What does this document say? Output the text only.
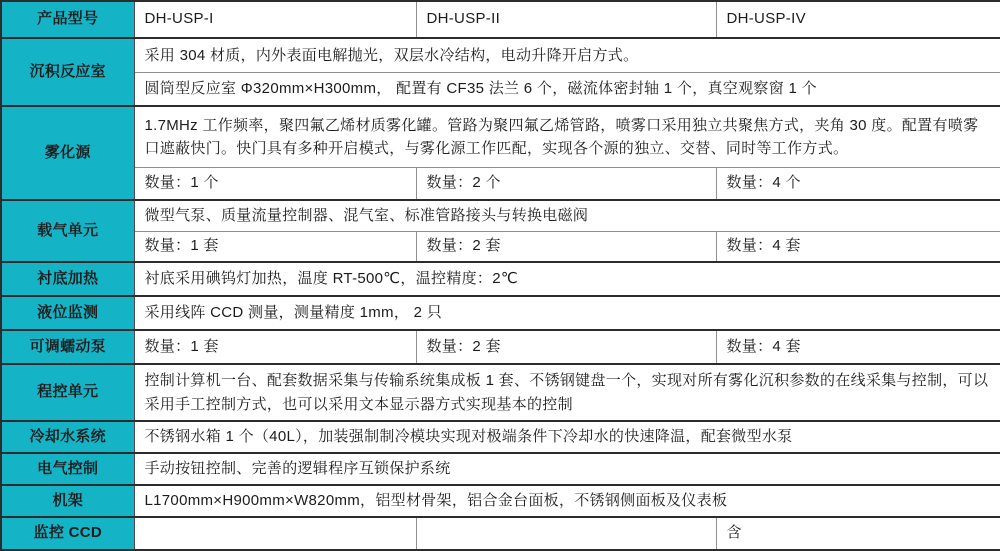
产品型号	DH-USP-I	DH-USP-II	DH-USP-IV
沉积反应室	采用 304 材质，内外表面电解抛光，双层水冷结构，电动升降开启方式。		
	圆筒型反应室 Φ320mm×H300mm， 配置有 CF35 法兰 6 个，磁流体密封轴 1 个，真空观察窗 1 个		
雾化源	1.7MHz 工作频率，聚四氟乙烯材质雾化罐。管路为聚四氟乙烯管路，喷雾口采用独立共聚焦方式，夹角 30 度。配置有喷雾口遮蔽快门。快门具有多种开启模式，与雾化源工作匹配，实现各个源的独立、交替、同时等工作方式。		
	数量：1 个	数量：2 个	数量：4 个
载气单元	微型气泵、质量流量控制器、混气室、标准管路接头与转换电磁阀		
	数量：1 套	数量：2 套	数量：4 套
衬底加热	衬底采用碘钨灯加热，温度 RT-500℃，温控精度：2℃		
液位监测	采用线阵 CCD 测量，测量精度 1mm， 2 只		
可调蠕动泵	数量：1 套	数量：2 套	数量：4 套
程控单元	控制计算机一台、配套数据采集与传输系统集成板 1 套、不锈钢键盘一个，实现对所有雾化沉积参数的在线采集与控制，可以采用手工控制方式，也可以采用文本显示器方式实现基本的控制		
冷却水系统	不锈钢水箱 1 个（40L），加装强制制冷模块实现对极端条件下冷却水的快速降温，配套微型水泵		
电气控制	手动按钮控制、完善的逻辑程序互锁保护系统		
机架	L1700mm×H900mm×W820mm，铝型材骨架，铝合金台面板，不锈钢侧面板及仪表板		
监控 CCD			含
